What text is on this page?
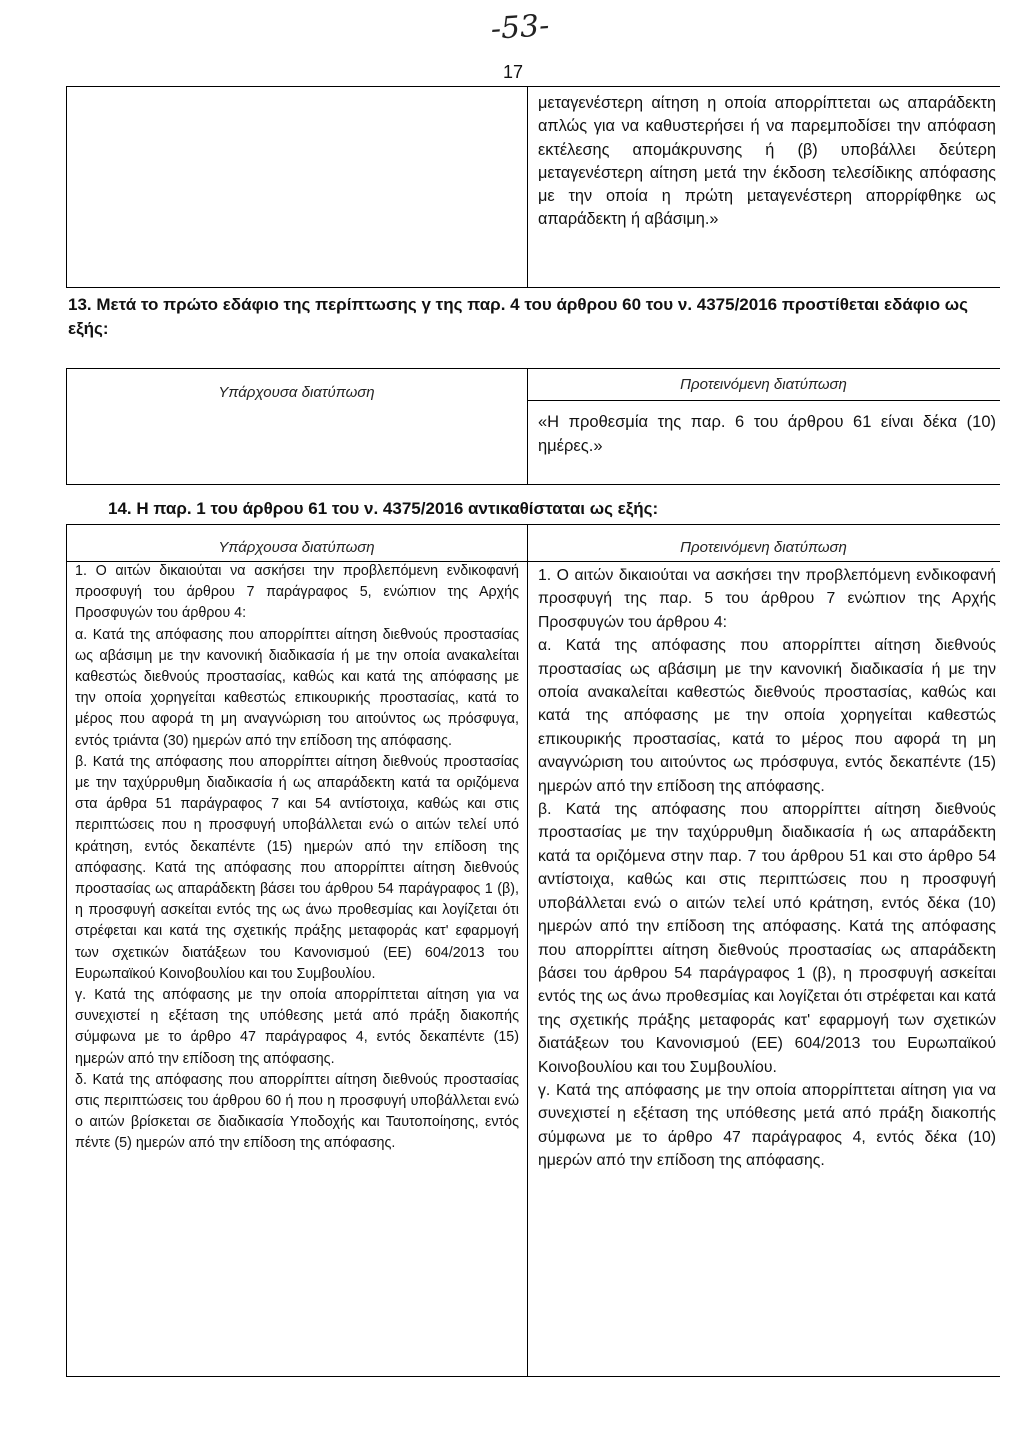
-53-
17
μεταγενέστερη αίτηση η οποία απορρίπτεται ως απαράδεκτη απλώς για να καθυστερήσει ή να παρεμποδίσει την απόφαση εκτέλεσης απομάκρυνσης ή (β) υποβάλλει δεύτερη μεταγενέστερη αίτηση μετά την έκδοση τελεσίδικης απόφασης με την οποία η πρώτη μεταγενέστερη απορρίφθηκε ως απαράδεκτη ή αβάσιμη.»
13. Μετά το πρώτο εδάφιο της περίπτωσης γ της παρ. 4 του άρθρου 60 του ν. 4375/2016 προστίθεται εδάφιο ως εξής:
Υπάρχουσα διατύπωση	Προτεινόμενη διατύπωση
«Η προθεσμία της παρ. 6 του άρθρου 61 είναι δέκα (10) ημέρες.»
14. Η παρ. 1 του άρθρου 61 του ν. 4375/2016 αντικαθίσταται ως εξής:
Υπάρχουσα διατύπωση	Προτεινόμενη διατύπωση

1. Ο αιτών δικαιούται να ασκήσει την προβλεπόμενη ενδικοφανή προσφυγή του άρθρου 7 παράγραφος 5, ενώπιον της Αρχής Προσφυγών του άρθρου 4:

α. Κατά της απόφασης που απορρίπτει αίτηση διεθνούς προστασίας ως αβάσιμη με την κανονική διαδικασία ή με την οποία ανακαλείται καθεστώς διεθνούς προστασίας, καθώς και κατά της απόφασης με την οποία χορηγείται καθεστώς επικουρικής προστασίας, κατά το μέρος που αφορά τη μη αναγνώριση του αιτούντος ως πρόσφυγα, εντός τριάντα (30) ημερών από την επίδοση της απόφασης.

β. Κατά της απόφασης που απορρίπτει αίτηση διεθνούς προστασίας με την ταχύρρυθμη διαδικασία ή ως απαράδεκτη κατά τα οριζόμενα στα άρθρα 51 παράγραφος 7 και 54 αντίστοιχα, καθώς και στις περιπτώσεις που η προσφυγή υποβάλλεται ενώ ο αιτών τελεί υπό κράτηση, εντός δεκαπέντε (15) ημερών από την επίδοση της απόφασης. Κατά της απόφασης που απορρίπτει αίτηση διεθνούς προστασίας ως απαράδεκτη βάσει του άρθρου 54 παράγραφος 1 (β), η προσφυγή ασκείται εντός της ως άνω προθεσμίας και λογίζεται ότι στρέφεται και κατά της σχετικής πράξης μεταφοράς κατ' εφαρμογή των σχετικών διατάξεων του Κανονισμού (ΕΕ) 604/2013 του Ευρωπαϊκού Κοινοβουλίου και του Συμβουλίου.

γ. Κατά της απόφασης με την οποία απορρίπτεται αίτηση για να συνεχιστεί η εξέταση της υπόθεσης μετά από πράξη διακοπής σύμφωνα με το άρθρο 47 παράγραφος 4, εντός δεκαπέντε (15) ημερών από την επίδοση της απόφασης.

δ. Κατά της απόφασης που απορρίπτει αίτηση διεθνούς προστασίας στις περιπτώσεις του άρθρου 60 ή που η προσφυγή υποβάλλεται ενώ ο αιτών βρίσκεται σε διαδικασία Υποδοχής και Ταυτοποίησης, εντός πέντε (5) ημερών από την επίδοση της απόφασης.

1. Ο αιτών δικαιούται να ασκήσει την προβλεπόμενη ενδικοφανή προσφυγή της παρ. 5 του άρθρου 7 ενώπιον της Αρχής Προσφυγών του άρθρου 4:

α. Κατά της απόφασης που απορρίπτει αίτηση διεθνούς προστασίας ως αβάσιμη με την κανονική διαδικασία ή με την οποία ανακαλείται καθεστώς διεθνούς προστασίας, καθώς και κατά της απόφασης με την οποία χορηγείται καθεστώς επικουρικής προστασίας, κατά το μέρος που αφορά τη μη αναγνώριση του αιτούντος ως πρόσφυγα, εντός δεκαπέντε (15) ημερών από την επίδοση της απόφασης.

β. Κατά της απόφασης που απορρίπτει αίτηση διεθνούς προστασίας με την ταχύρρυθμη διαδικασία ή ως απαράδεκτη κατά τα οριζόμενα στην παρ. 7 του άρθρου 51 και στο άρθρο 54 αντίστοιχα, καθώς και στις περιπτώσεις που η προσφυγή υποβάλλεται ενώ ο αιτών τελεί υπό κράτηση, εντός δέκα (10) ημερών από την επίδοση της απόφασης. Κατά της απόφασης που απορρίπτει αίτηση διεθνούς προστασίας ως απαράδεκτη βάσει του άρθρου 54 παράγραφος 1 (β), η προσφυγή ασκείται εντός της ως άνω προθεσμίας και λογίζεται ότι στρέφεται και κατά της σχετικής πράξης μεταφοράς κατ' εφαρμογή των σχετικών διατάξεων του Κανονισμού (ΕΕ) 604/2013 του Ευρωπαϊκού Κοινοβουλίου και του Συμβουλίου.

γ. Κατά της απόφασης με την οποία απορρίπτεται αίτηση για να συνεχιστεί η εξέταση της υπόθεσης μετά από πράξη διακοπής σύμφωνα με το άρθρο 47 παράγραφος 4, εντός δέκα (10) ημερών από την επίδοση της απόφασης.
